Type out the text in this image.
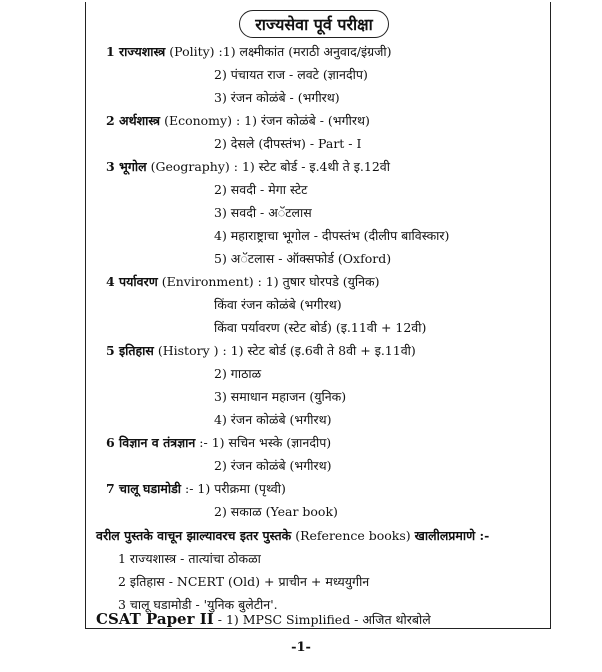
राज्यसेवा पूर्व परीक्षा
1 राज्यशास्त्र (Polity) :1) लक्ष्मीकांत (मराठी अनुवाद/इंग्रजी)
2) पंचायत राज - लवटे (ज्ञानदीप)
3) रंजन कोळंबे - (भगीरथ)
2 अर्थशास्त्र (Economy) : 1) रंजन कोळंबे - (भगीरथ)
2) देसले (दीपस्तंभ) - Part - I
3 भूगोल (Geography) : 1) स्टेट बोर्ड - इ.4थी ते इ.12वी
2) सवदी - मेगा स्टेट
3) सवदी - अॅटलास
4) महाराष्ट्राचा भूगोल - दीपस्तंभ (दीलीप बाविस्कार)
5) अॅटलास - ऑक्सफोर्ड (Oxford)
4 पर्यावरण (Environment) : 1) तुषार घोरपडे (युनिक)
किंवा रंजन कोळंबे (भगीरथ)
किंवा पर्यावरण (स्टेट बोर्ड) (इ.11वी + 12वी)
5 इतिहास (History ) : 1) स्टेट बोर्ड (इ.6वी ते 8वी + इ.11वी)
2) गाठाळ
3) समाधान महाजन (युनिक)
4) रंजन कोळंबे (भगीरथ)
6 विज्ञान व तंत्रज्ञान :- 1) सचिन भस्के (ज्ञानदीप)
2) रंजन कोळंबे (भगीरथ)
7 चालू घडामोडी :- 1) परीक्रमा (पृथ्वी)
2) सकाळ (Year book)
वरील पुस्तके वाचून झाल्यावरच इतर पुस्तके (Reference books) खालीलप्रमाणे :-
1 राज्यशास्त्र - तात्यांचा ठोकळा
2 इतिहास - NCERT (Old) + प्राचीन + मध्ययुगीन
3 चालू घडामोडी - 'युनिक बुलेटीन'.
CSAT Paper II - 1) MPSC Simplified - अजित थोरबोले
-1-
